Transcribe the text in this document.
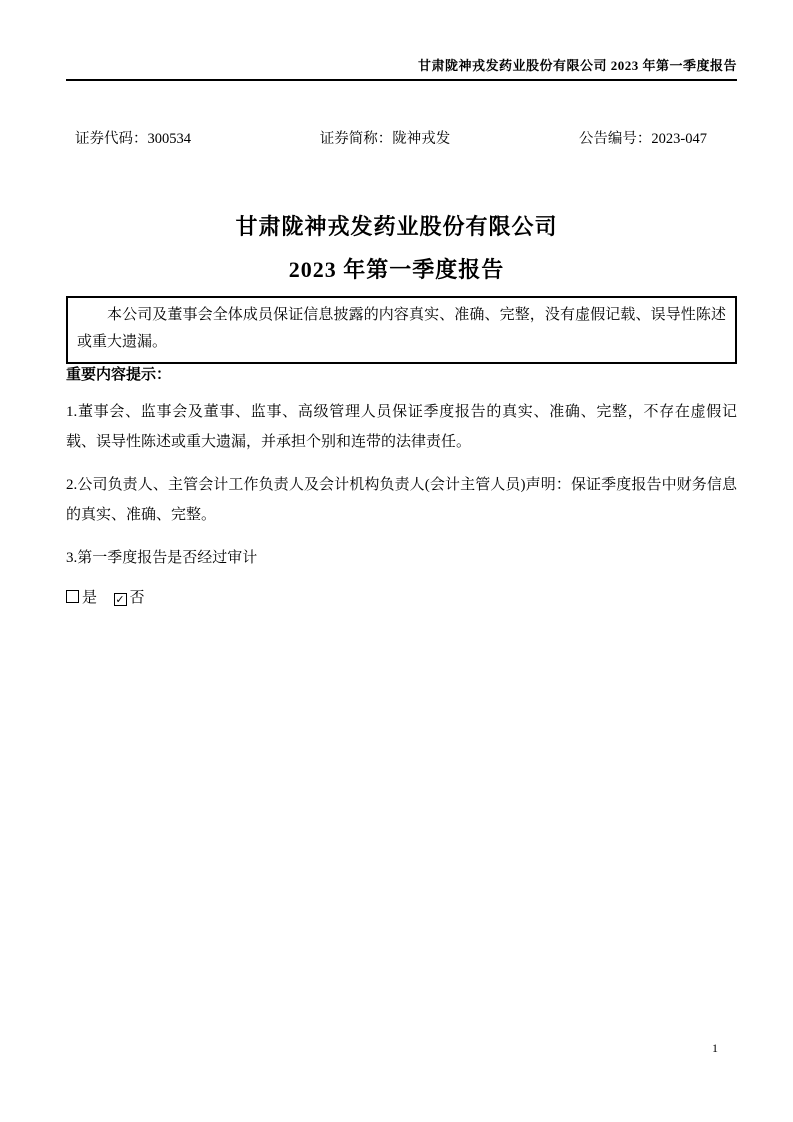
甘肃陇神戎发药业股份有限公司 2023 年第一季度报告
证券代码：300534	证券简称：陇神戎发	公告编号：2023-047
甘肃陇神戎发药业股份有限公司
2023 年第一季度报告

本公司及董事会全体成员保证信息披露的内容真实、准确、完整，没有虚假记载、误导性陈述或重大遗漏。

重要内容提示：

1.董事会、监事会及董事、监事、高级管理人员保证季度报告的真实、准确、完整，不存在虚假记载、误导性陈述或重大遗漏，并承担个别和连带的法律责任。

2.公司负责人、主管会计工作负责人及会计机构负责人(会计主管人员)声明：保证季度报告中财务信息的真实、准确、完整。

3.第一季度报告是否经过审计

是 ✓ 否
1
